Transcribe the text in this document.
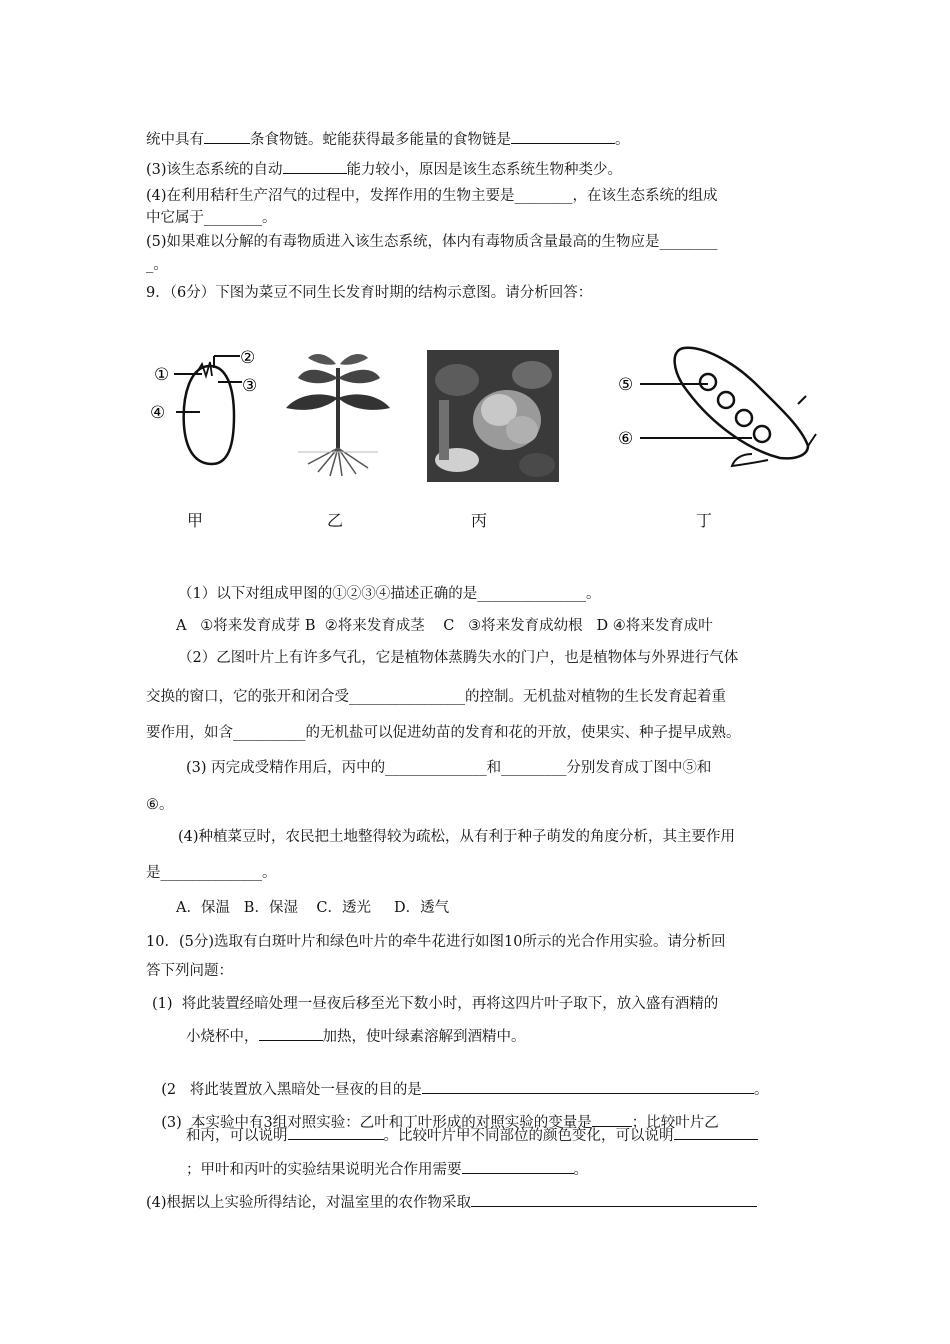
统中具有	条食物链。蛇能获得最多能量的食物链是	。
(3)该生态系统的自动	能力较小，原因是该生态系统生物种类少。
(4)在利用秸秆生产沼气的过程中，发挥作用的生物主要是________，在该生态系统的组成
中它属于________。
(5)如果难以分解的有毒物质进入该生态系统，体内有毒物质含量最高的生物应是________
_。
9．（6分）下图为菜豆不同生长发育时期的结构示意图。请分析回答：
①
②
③
④
⑤
⑥
甲	乙	丙	丁
（1）以下对组成甲图的①②③④描述正确的是_______________。
A   ①将来发育成芽 B  ②将来发育成茎    C   ③将来发育成幼根   D ④将来发育成叶
（2）乙图叶片上有许多气孔，它是植物体蒸腾失水的门户，也是植物体与外界进行气体
交换的窗口，它的张开和闭合受________________的控制。无机盐对植物的生长发育起着重
要作用，如含__________的无机盐可以促进幼苗的发育和花的开放，使果实、种子提早成熟。
(3) 丙完成受精作用后，丙中的______________和_________分别发育成丁图中⑤和
⑥。
(4)种植菜豆时，农民把土地整得较为疏松，从有利于种子萌发的角度分析，其主要作用
是______________。
A．保温   B．保湿    C．透光     D．透气
10．(5分)选取有白斑叶片和绿色叶片的牵牛花进行如图10所示的光合作用实验。请分析回
答下列问题：
(1)  将此装置经暗处理一昼夜后移至光下数小时，再将这四片叶子取下，放入盛有酒精的
小烧杯中，	加热，使叶绿素溶解到酒精中。

(2   将此装置放入黑暗处一昼夜的目的是	。

(3)  本实验中有3组对照实验：乙叶和丁叶形成的对照实验的变量是	；比较叶片乙

和丙，可以说明	。比较叶片甲不同部位的颜色变化，可以说明
；甲叶和丙叶的实验结果说明光合作用需要	。
(4)根据以上实验所得结论，对温室里的农作物采取
